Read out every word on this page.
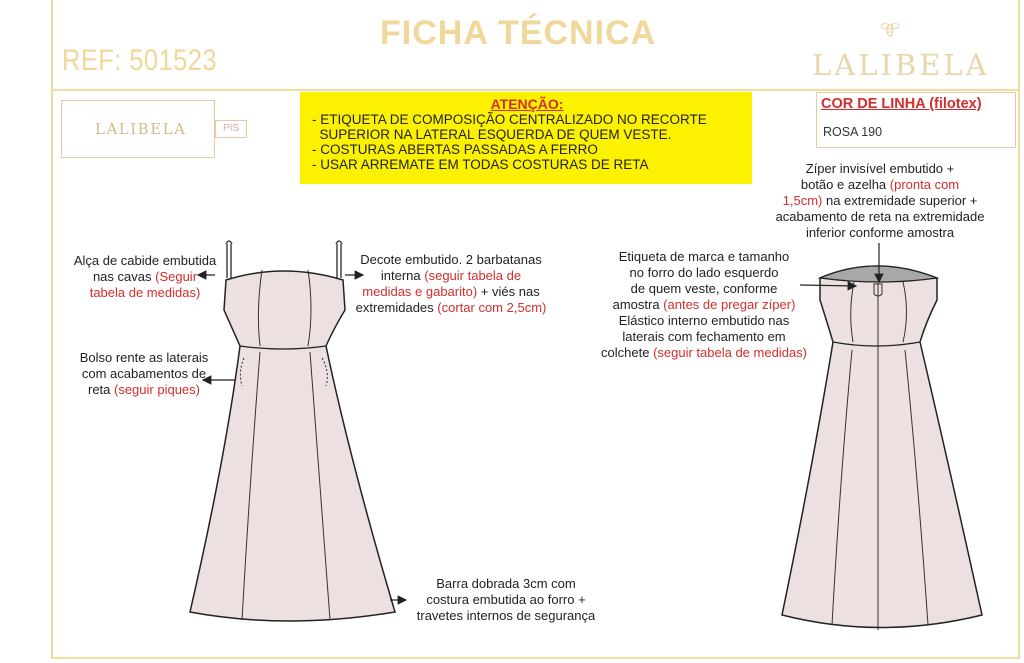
REF: 501523
FICHA TÉCNICA
LALIBELA
LALIBELA	PIS
ATENÇÃO:
- ETIQUETA DE COMPOSIÇÃO CENTRALIZADO NO RECORTE
SUPERIOR NA LATERAL ESQUERDA DE QUEM VESTE.
- COSTURAS ABERTAS PASSADAS A FERRO
- USAR ARREMATE EM TODAS COSTURAS DE RETA
COR DE LINHA (filotex)
ROSA 190
Alça de cabide embutida
nas cavas (Seguir
tabela de medidas)
Bolso rente as laterais
com acabamentos de
reta (seguir piques)
Decote embutido. 2 barbatanas
interna (seguir tabela de
medidas e gabarito) + viés nas
extremidades (cortar com 2,5cm)
Barra dobrada 3cm com
costura embutida ao forro +
travetes internos de segurança
Zíper invisível embutido +
botão e azelha (pronta com
1,5cm) na extremidade superior +
acabamento de reta na extremidade
inferior conforme amostra
Etiqueta de marca e tamanho
no forro do lado esquerdo
de quem veste, conforme
amostra (antes de pregar zíper)
Elástico interno embutido nas
laterais com fechamento em
colchete (seguir tabela de medidas)
